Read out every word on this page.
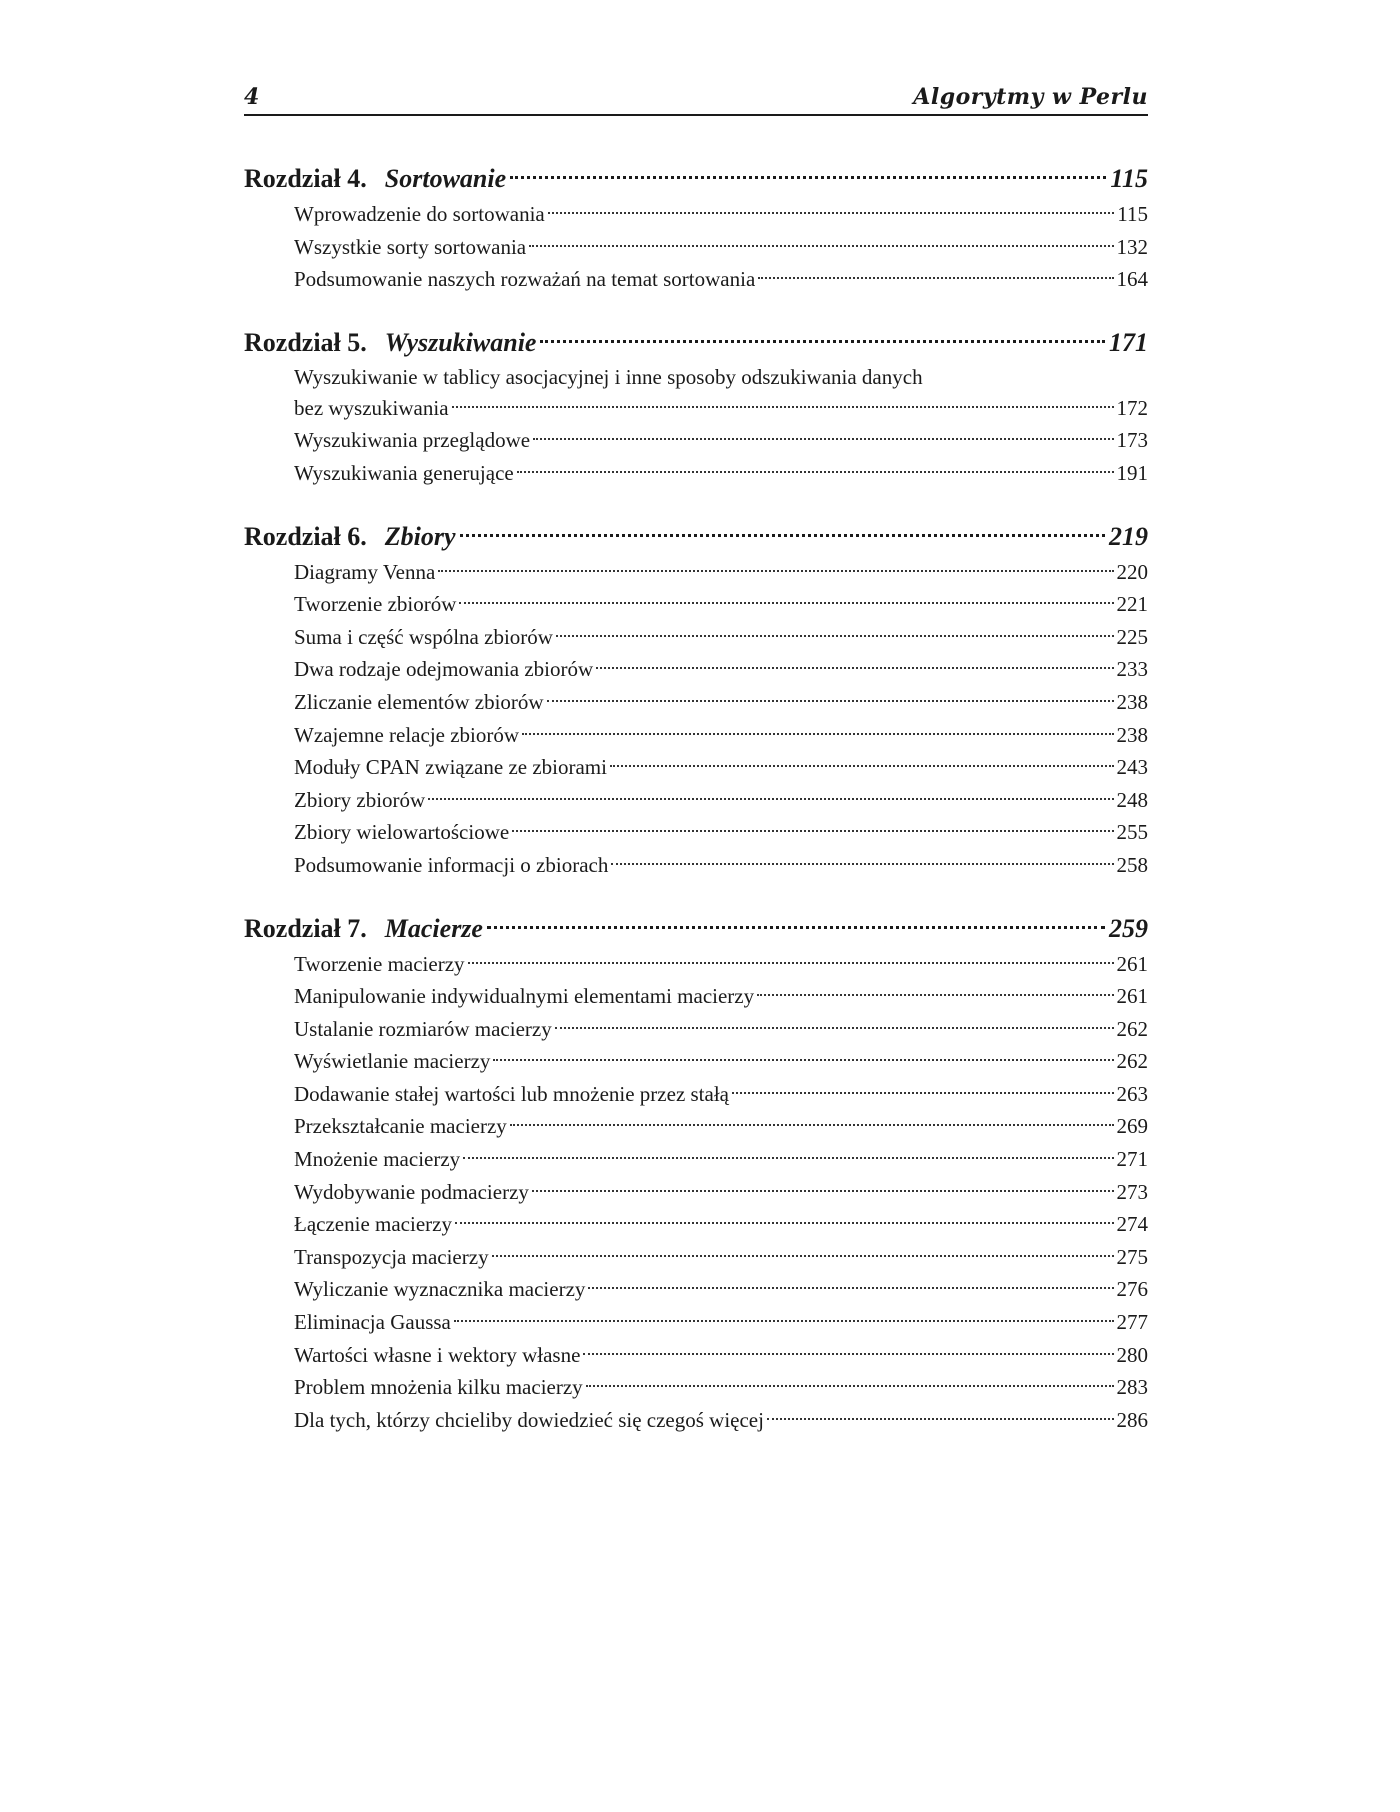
4	Algorytmy w Perlu
Rozdział 4. Sortowanie	115
Wprowadzenie do sortowania	115
Wszystkie sorty sortowania	132
Podsumowanie naszych rozważań na temat sortowania	164
Rozdział 5. Wyszukiwanie	171
Wyszukiwanie w tablicy asocjacyjnej i inne sposoby odszukiwania danych
bez wyszukiwania	172
Wyszukiwania przeglądowe	173
Wyszukiwania generujące	191
Rozdział 6. Zbiory	219
Diagramy Venna	220
Tworzenie zbiorów	221
Suma i część wspólna zbiorów	225
Dwa rodzaje odejmowania zbiorów	233
Zliczanie elementów zbiorów	238
Wzajemne relacje zbiorów	238
Moduły CPAN związane ze zbiorami	243
Zbiory zbiorów	248
Zbiory wielowartościowe	255
Podsumowanie informacji o zbiorach	258
Rozdział 7. Macierze	259
Tworzenie macierzy	261
Manipulowanie indywidualnymi elementami macierzy	261
Ustalanie rozmiarów macierzy	262
Wyświetlanie macierzy	262
Dodawanie stałej wartości lub mnożenie przez stałą	263
Przekształcanie macierzy	269
Mnożenie macierzy	271
Wydobywanie podmacierzy	273
Łączenie macierzy	274
Transpozycja macierzy	275
Wyliczanie wyznacznika macierzy	276
Eliminacja Gaussa	277
Wartości własne i wektory własne	280
Problem mnożenia kilku macierzy	283
Dla tych, którzy chcieliby dowiedzieć się czegoś więcej	286
